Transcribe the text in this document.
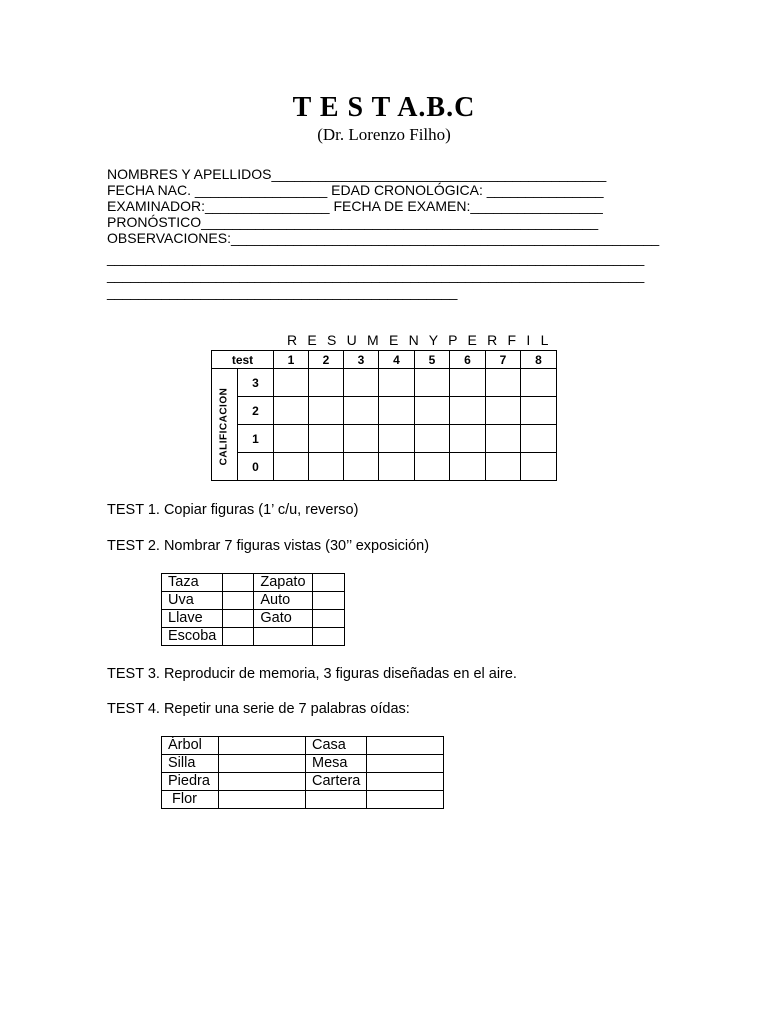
T E S T A.B.C
(Dr. Lorenzo Filho)
NOMBRES Y APELLIDOS___________________________________________
FECHA NAC. _________________ EDAD CRONOLÓGICA: _______________
EXAMINADOR:________________ FECHA DE EXAMEN:_________________
PRONÓSTICO___________________________________________________
OBSERVACIONES:_______________________________________________________
_____________________________________________________________________
_____________________________________________________________________
_____________________________________________
R E S U M E N Y P E R F I L
test		1	2	3	4	5	6	7	8
	3								
	2								
	1								
	0								
CALIFICACION
TEST 1. Copiar figuras (1’ c/u, reverso)
TEST 2. Nombrar 7 figuras vistas (30’’ exposición)
Taza		Zapato	
Uva		Auto	
Llave		Gato	
Escoba			
TEST 3. Reproducir de memoria, 3 figuras diseñadas en el aire.
TEST 4. Repetir una serie de 7 palabras oídas:
Árbol		Casa	
Silla		Mesa	
Piedra		Cartera	
Flor			
